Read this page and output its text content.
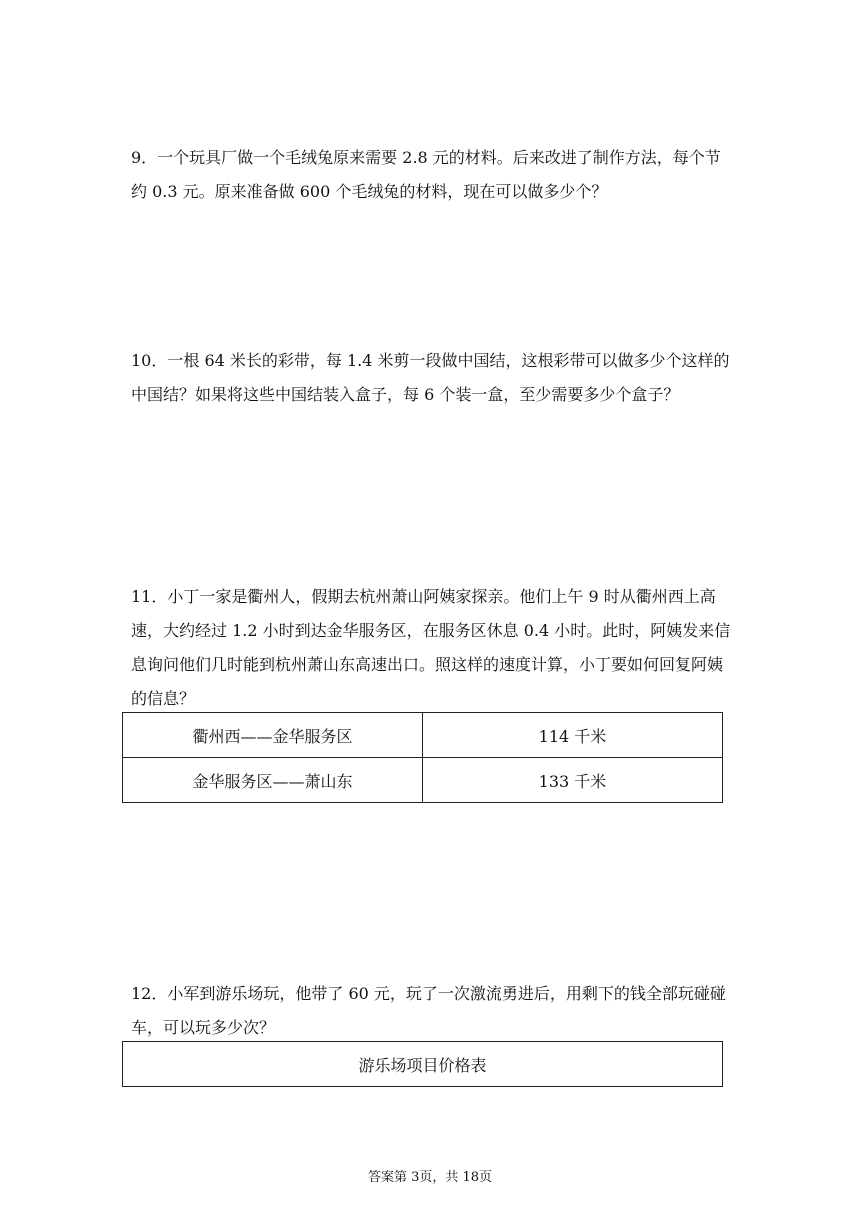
9．一个玩具厂做一个毛绒兔原来需要 2.8 元的材料。后来改进了制作方法，每个节约 0.3 元。原来准备做 600 个毛绒兔的材料，现在可以做多少个？

10．一根 64 米长的彩带，每 1.4 米剪一段做中国结，这根彩带可以做多少个这样的中国结？如果将这些中国结装入盒子，每 6 个装一盒，至少需要多少个盒子？

11．小丁一家是衢州人，假期去杭州萧山阿姨家探亲。他们上午 9 时从衢州西上高速，大约经过 1.2 小时到达金华服务区，在服务区休息 0.4 小时。此时，阿姨发来信息询问他们几时能到杭州萧山东高速出口。照这样的速度计算，小丁要如何回复阿姨的信息？

衢州西——金华服务区	114 千米
金华服务区——萧山东	133 千米

12．小军到游乐场玩，他带了 60 元，玩了一次激流勇进后，用剩下的钱全部玩碰碰车，可以玩多少次？

游乐场项目价格表
答案第 3页，共 18页
